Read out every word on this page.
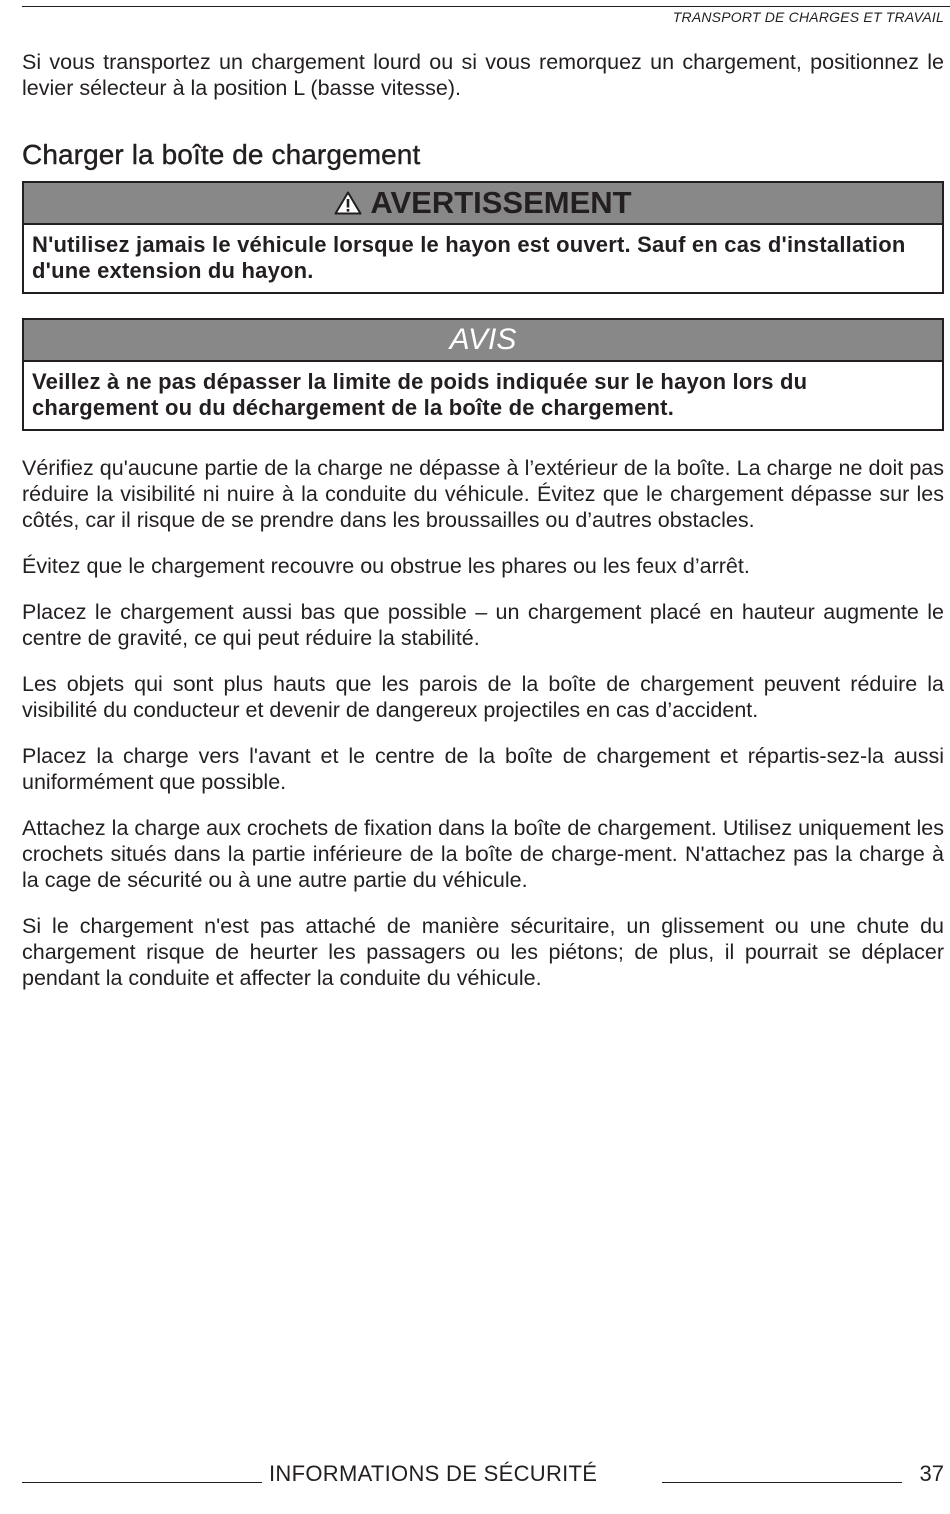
TRANSPORT DE CHARGES ET TRAVAIL

Si vous transportez un chargement lourd ou si vous remorquez un chargement, positionnez le levier sélecteur à la position L (basse vitesse).

Charger la boîte de chargement
AVERTISSEMENT
N'utilisez jamais le véhicule lorsque le hayon est ouvert. Sauf en cas d'installation d'une extension du hayon.
AVIS
Veillez à ne pas dépasser la limite de poids indiquée sur le hayon lors du chargement ou du déchargement de la boîte de chargement.

Vérifiez qu'aucune partie de la charge ne dépasse à l’extérieur de la boîte. La charge ne doit pas réduire la visibilité ni nuire à la conduite du véhicule. Évitez que le chargement dépasse sur les côtés, car il risque de se prendre dans les broussailles ou d’autres obstacles.

Évitez que le chargement recouvre ou obstrue les phares ou les feux d’arrêt.

Placez le chargement aussi bas que possible – un chargement placé en hauteur augmente le centre de gravité, ce qui peut réduire la stabilité.

Les objets qui sont plus hauts que les parois de la boîte de chargement peuvent réduire la visibilité du conducteur et devenir de dangereux projectiles en cas d’accident.

Placez la charge vers l'avant et le centre de la boîte de chargement et répartis-sez-la aussi uniformément que possible.

Attachez la charge aux crochets de fixation dans la boîte de chargement. Utilisez uniquement les crochets situés dans la partie inférieure de la boîte de charge-ment. N'attachez pas la charge à la cage de sécurité ou à une autre partie du véhicule.

Si le chargement n'est pas attaché de manière sécuritaire, un glissement ou une chute du chargement risque de heurter les passagers ou les piétons; de plus, il pourrait se déplacer pendant la conduite et affecter la conduite du véhicule.

INFORMATIONS DE SÉCURITÉ	37
